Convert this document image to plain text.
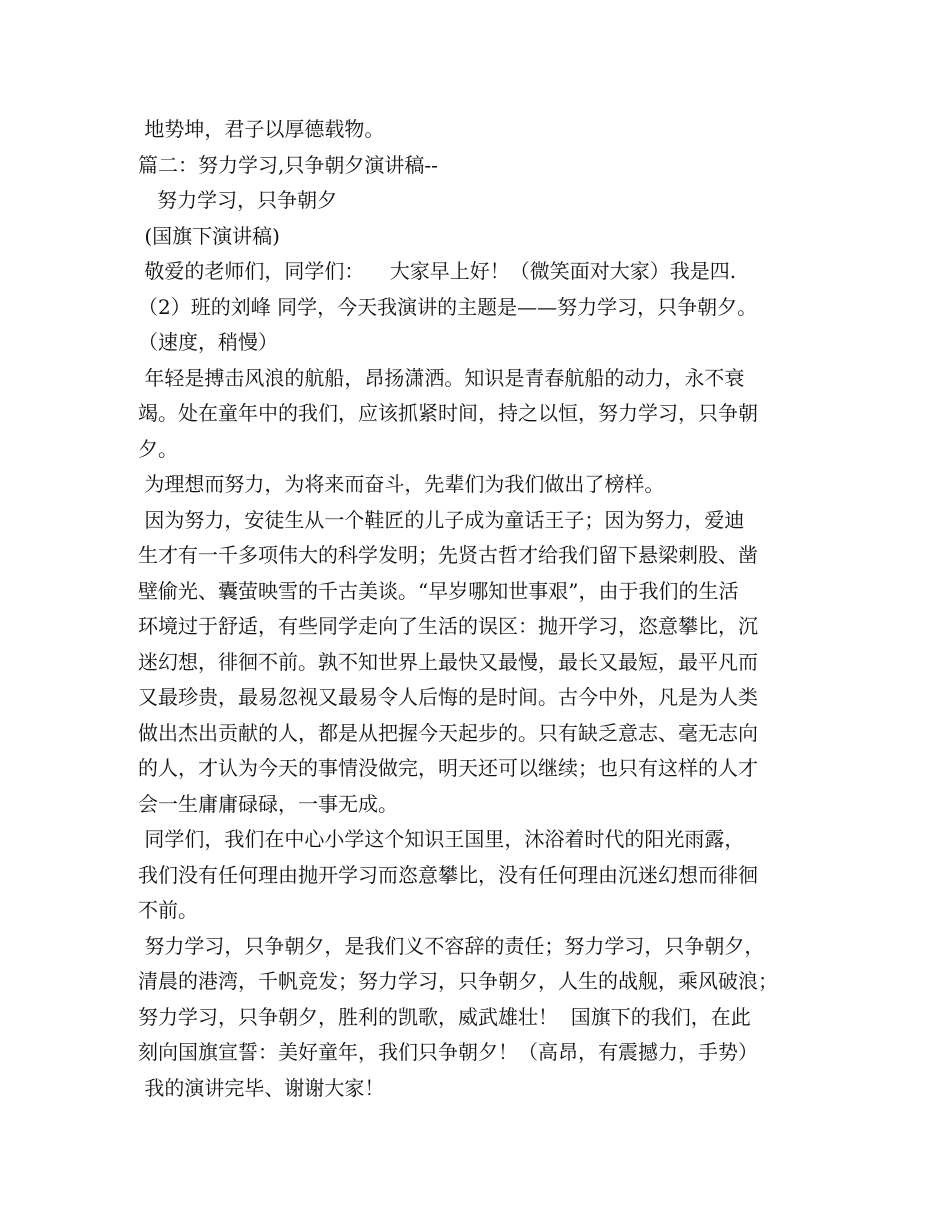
地势坤，君子以厚德载物。
篇二：努力学习,只争朝夕演讲稿--
努力学习，只争朝夕
(国旗下演讲稿)
敬爱的老师们，同学们：    大家早上好！（微笑面对大家）我是四.
（2）班的刘峰 同学，今天我演讲的主题是——努力学习，只争朝夕。
（速度，稍慢）
年轻是搏击风浪的航船，昂扬潇洒。知识是青春航船的动力，永不衰
竭。处在童年中的我们，应该抓紧时间，持之以恒，努力学习，只争朝
夕。
为理想而努力，为将来而奋斗，先辈们为我们做出了榜样。
因为努力，安徒生从一个鞋匠的儿子成为童话王子；因为努力，爱迪
生才有一千多项伟大的科学发明；先贤古哲才给我们留下悬梁刺股、凿
壁偷光、囊萤映雪的千古美谈。“早岁哪知世事艰”，由于我们的生活
环境过于舒适，有些同学走向了生活的误区：抛开学习，恣意攀比，沉
迷幻想，徘徊不前。孰不知世界上最快又最慢，最长又最短，最平凡而
又最珍贵，最易忽视又最易令人后悔的是时间。古今中外，凡是为人类
做出杰出贡献的人，都是从把握今天起步的。只有缺乏意志、毫无志向
的人，才认为今天的事情没做完，明天还可以继续；也只有这样的人才
会一生庸庸碌碌，一事无成。
同学们，我们在中心小学这个知识王国里，沐浴着时代的阳光雨露，
我们没有任何理由抛开学习而恣意攀比，没有任何理由沉迷幻想而徘徊
不前。
努力学习，只争朝夕，是我们义不容辞的责任；努力学习，只争朝夕，
清晨的港湾，千帆竞发；努力学习，只争朝夕，人生的战舰，乘风破浪；
努力学习，只争朝夕，胜利的凯歌，威武雄壮！  国旗下的我们，在此
刻向国旗宣誓：美好童年，我们只争朝夕！（高昂，有震撼力，手势）
我的演讲完毕、谢谢大家！
